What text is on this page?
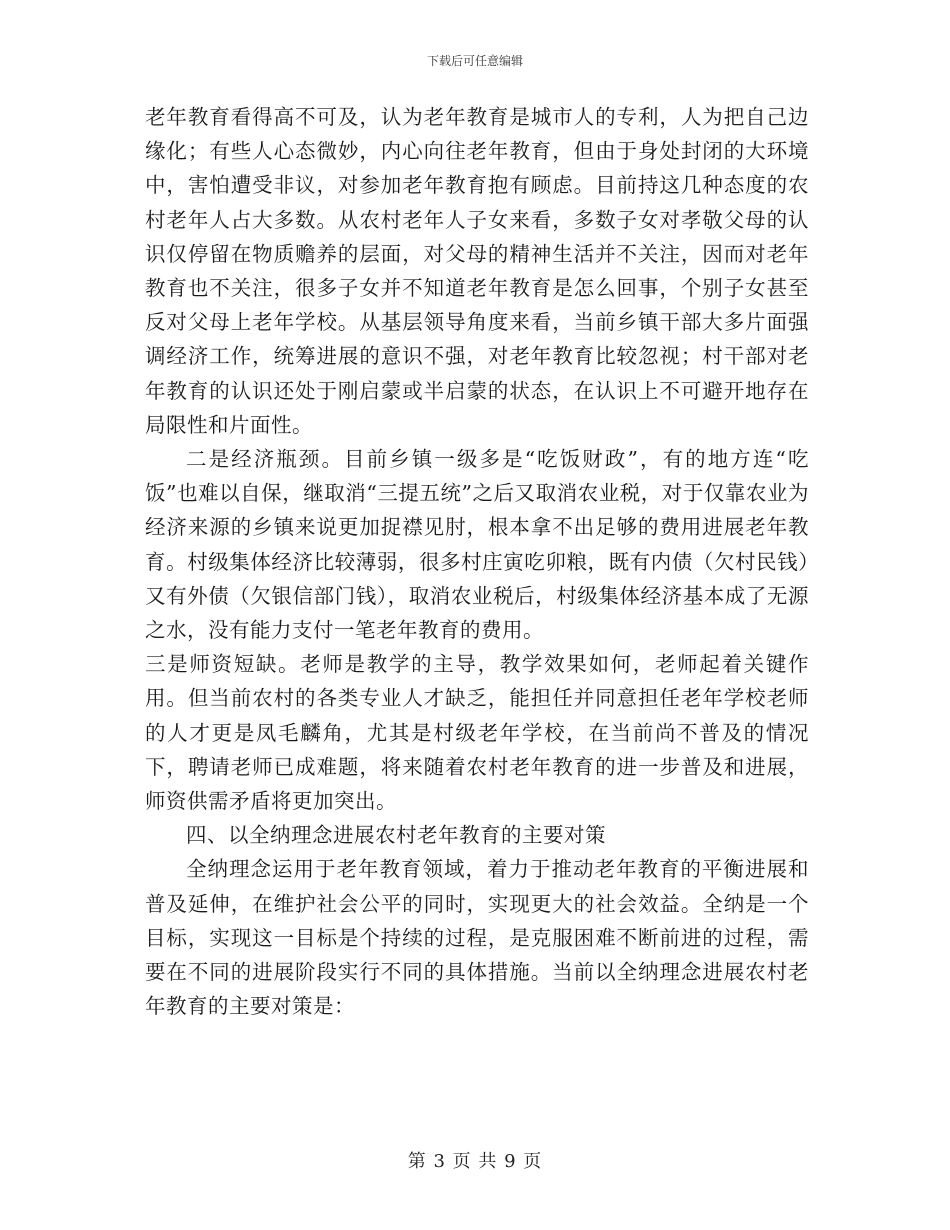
下载后可任意编辑

老年教育看得高不可及，认为老年教育是城市人的专利，人为把自己边缘化；有些人心态微妙，内心向往老年教育，但由于身处封闭的大环境中，害怕遭受非议，对参加老年教育抱有顾虑。目前持这几种态度的农村老年人占大多数。从农村老年人子女来看，多数子女对孝敬父母的认识仅停留在物质赡养的层面，对父母的精神生活并不关注，因而对老年教育也不关注，很多子女并不知道老年教育是怎么回事，个别子女甚至反对父母上老年学校。从基层领导角度来看，当前乡镇干部大多片面强调经济工作，统筹进展的意识不强，对老年教育比较忽视；村干部对老年教育的认识还处于刚启蒙或半启蒙的状态，在认识上不可避开地存在局限性和片面性。

二是经济瓶颈。目前乡镇一级多是“吃饭财政”，有的地方连“吃饭”也难以自保，继取消“三提五统”之后又取消农业税，对于仅靠农业为经济来源的乡镇来说更加捉襟见肘，根本拿不出足够的费用进展老年教育。村级集体经济比较薄弱，很多村庄寅吃卯粮，既有内债（欠村民钱）又有外债（欠银信部门钱），取消农业税后，村级集体经济基本成了无源之水，没有能力支付一笔老年教育的费用。

三是师资短缺。老师是教学的主导，教学效果如何，老师起着关键作用。但当前农村的各类专业人才缺乏，能担任并同意担任老年学校老师的人才更是凤毛麟角，尤其是村级老年学校，在当前尚不普及的情况下，聘请老师已成难题，将来随着农村老年教育的进一步普及和进展，师资供需矛盾将更加突出。

四、以全纳理念进展农村老年教育的主要对策

全纳理念运用于老年教育领域，着力于推动老年教育的平衡进展和普及延伸，在维护社会公平的同时，实现更大的社会效益。全纳是一个目标，实现这一目标是个持续的过程，是克服困难不断前进的过程，需要在不同的进展阶段实行不同的具体措施。当前以全纳理念进展农村老年教育的主要对策是：

第 3 页 共 9 页
